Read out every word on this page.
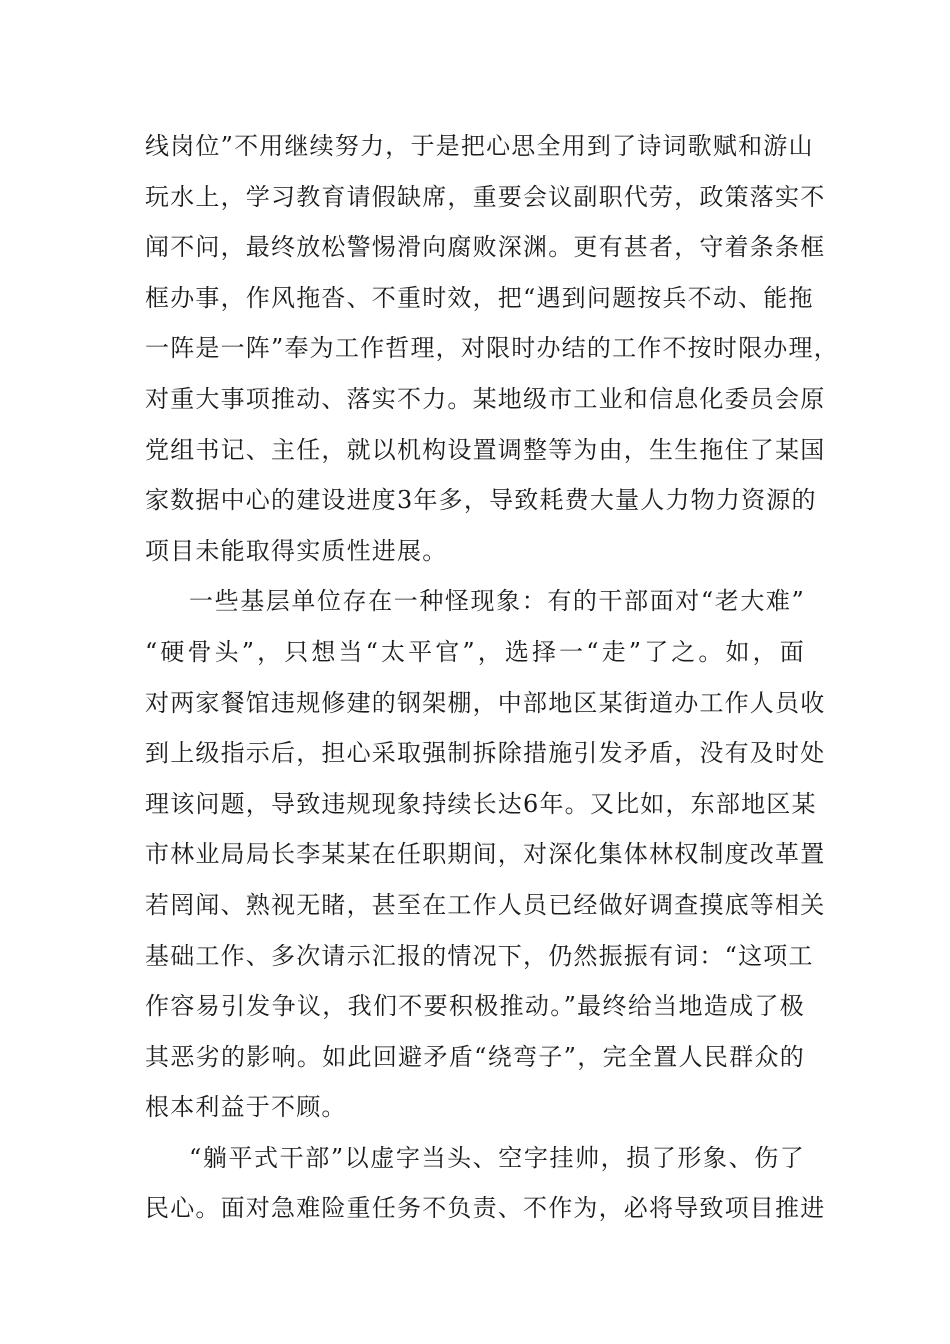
线岗位”不用继续努力，于是把心思全用到了诗词歌赋和游山
玩水上，学习教育请假缺席，重要会议副职代劳，政策落实不
闻不问，最终放松警惕滑向腐败深渊。更有甚者，守着条条框
框办事，作风拖沓、不重时效，把“遇到问题按兵不动、能拖
一阵是一阵”奉为工作哲理，对限时办结的工作不按时限办理，
对重大事项推动、落实不力。某地级市工业和信息化委员会原
党组书记、主任，就以机构设置调整等为由，生生拖住了某国
家数据中心的建设进度3年多，导致耗费大量人力物力资源的
项目未能取得实质性进展。
一些基层单位存在一种怪现象：有的干部面对“老大难”
“硬骨头”，只想当“太平官”，选择一“走”了之。如，面
对两家餐馆违规修建的钢架棚，中部地区某街道办工作人员收
到上级指示后，担心采取强制拆除措施引发矛盾，没有及时处
理该问题，导致违规现象持续长达6年。又比如，东部地区某
市林业局局长李某某在任职期间，对深化集体林权制度改革置
若罔闻、熟视无睹，甚至在工作人员已经做好调查摸底等相关
基础工作、多次请示汇报的情况下，仍然振振有词：“这项工
作容易引发争议，我们不要积极推动。”最终给当地造成了极
其恶劣的影响。如此回避矛盾“绕弯子”，完全置人民群众的
根本利益于不顾。
“躺平式干部”以虚字当头、空字挂帅，损了形象、伤了
民心。面对急难险重任务不负责、不作为，必将导致项目推进
